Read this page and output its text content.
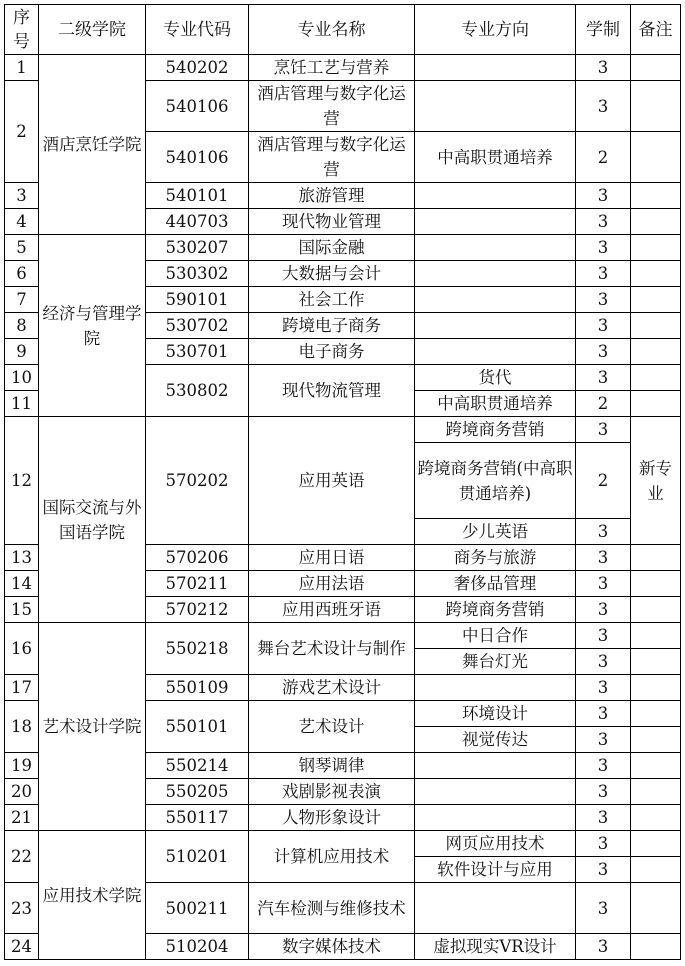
序号	二级学院	专业代码	专业名称	专业方向	学制	备注
1	酒店烹饪学院	540202	烹饪工艺与营养		3	
2		540106	酒店管理与数字化运营		3	
		540106	酒店管理与数字化运营	中高职贯通培养	2	
3		540101	旅游管理		3	
4		440703	现代物业管理		3	
5	经济与管理学院	530207	国际金融		3	
6		530302	大数据与会计		3	
7		590101	社会工作		3	
8		530702	跨境电子商务		3	
9		530701	电子商务		3	
10		530802	现代物流管理	货代	3	
11				中高职贯通培养	2	
12	国际交流与外国语学院	570202	应用英语	跨境商务营销	3	新专业
				跨境商务营销(中高职贯通培养)	2	
				少儿英语	3	
13		570206	应用日语	商务与旅游	3	
14		570211	应用法语	奢侈品管理	3	
15		570212	应用西班牙语	跨境商务营销	3	
16	艺术设计学院	550218	舞台艺术设计与制作	中日合作	3	
				舞台灯光	3	
17		550109	游戏艺术设计		3	
18		550101	艺术设计	环境设计	3	
				视觉传达	3	
19		550214	钢琴调律		3	
20		550205	戏剧影视表演		3	
21		550117	人物形象设计		3	
22	应用技术学院	510201	计算机应用技术	网页应用技术	3	
				软件设计与应用	3	
23		500211	汽车检测与维修技术		3	
24		510204	数字媒体技术	虚拟现实VR设计	3	
